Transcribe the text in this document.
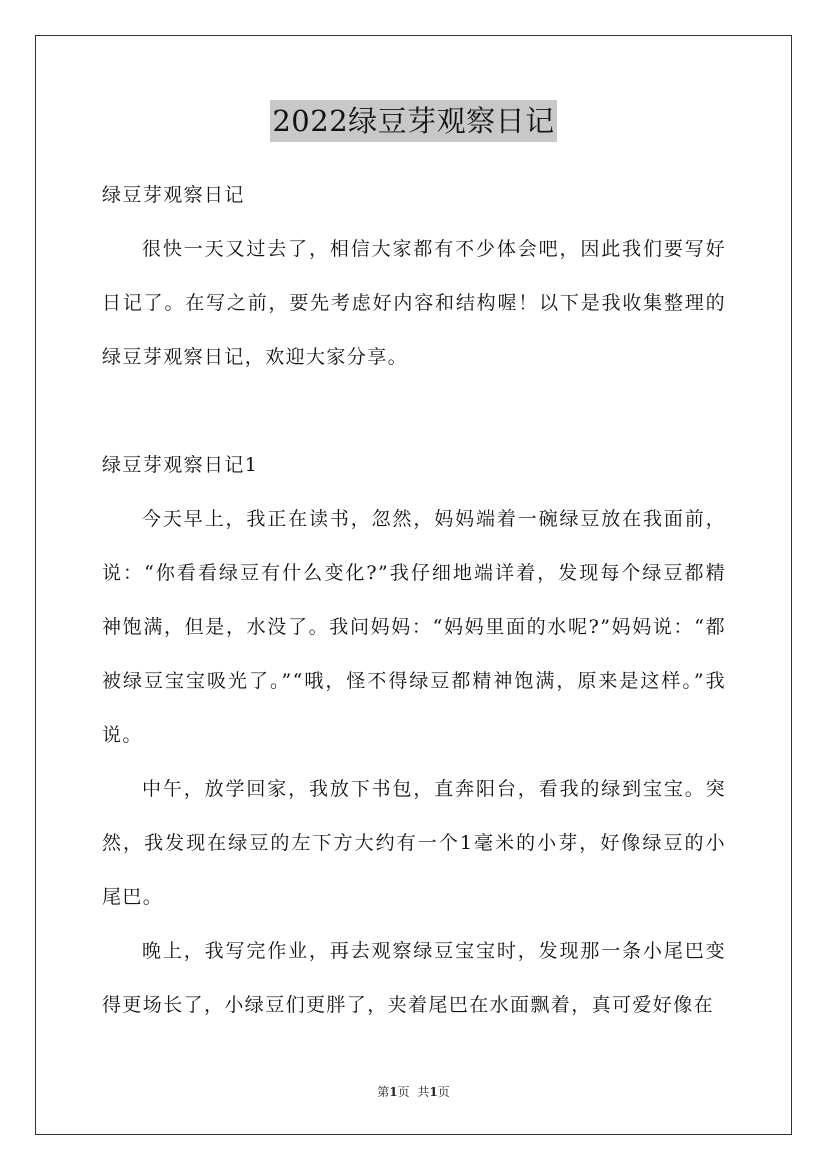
2022绿豆芽观察日记

绿豆芽观察日记

很快一天又过去了，相信大家都有不少体会吧，因此我们要写好日记了。在写之前，要先考虑好内容和结构喔！以下是我收集整理的绿豆芽观察日记，欢迎大家分享。

绿豆芽观察日记1

今天早上，我正在读书，忽然，妈妈端着一碗绿豆放在我面前，说：“你看看绿豆有什么变化?”我仔细地端详着，发现每个绿豆都精神饱满，但是，水没了。我问妈妈：“妈妈里面的水呢?”妈妈说：“都被绿豆宝宝吸光了。”“哦，怪不得绿豆都精神饱满，原来是这样。”我说。

中午，放学回家，我放下书包，直奔阳台，看我的绿到宝宝。突然，我发现在绿豆的左下方大约有一个1毫米的小芽，好像绿豆的小尾巴。

晚上，我写完作业，再去观察绿豆宝宝时，发现那一条小尾巴变得更场长了，小绿豆们更胖了，夹着尾巴在水面飘着，真可爱好像在

第1页 共1页
